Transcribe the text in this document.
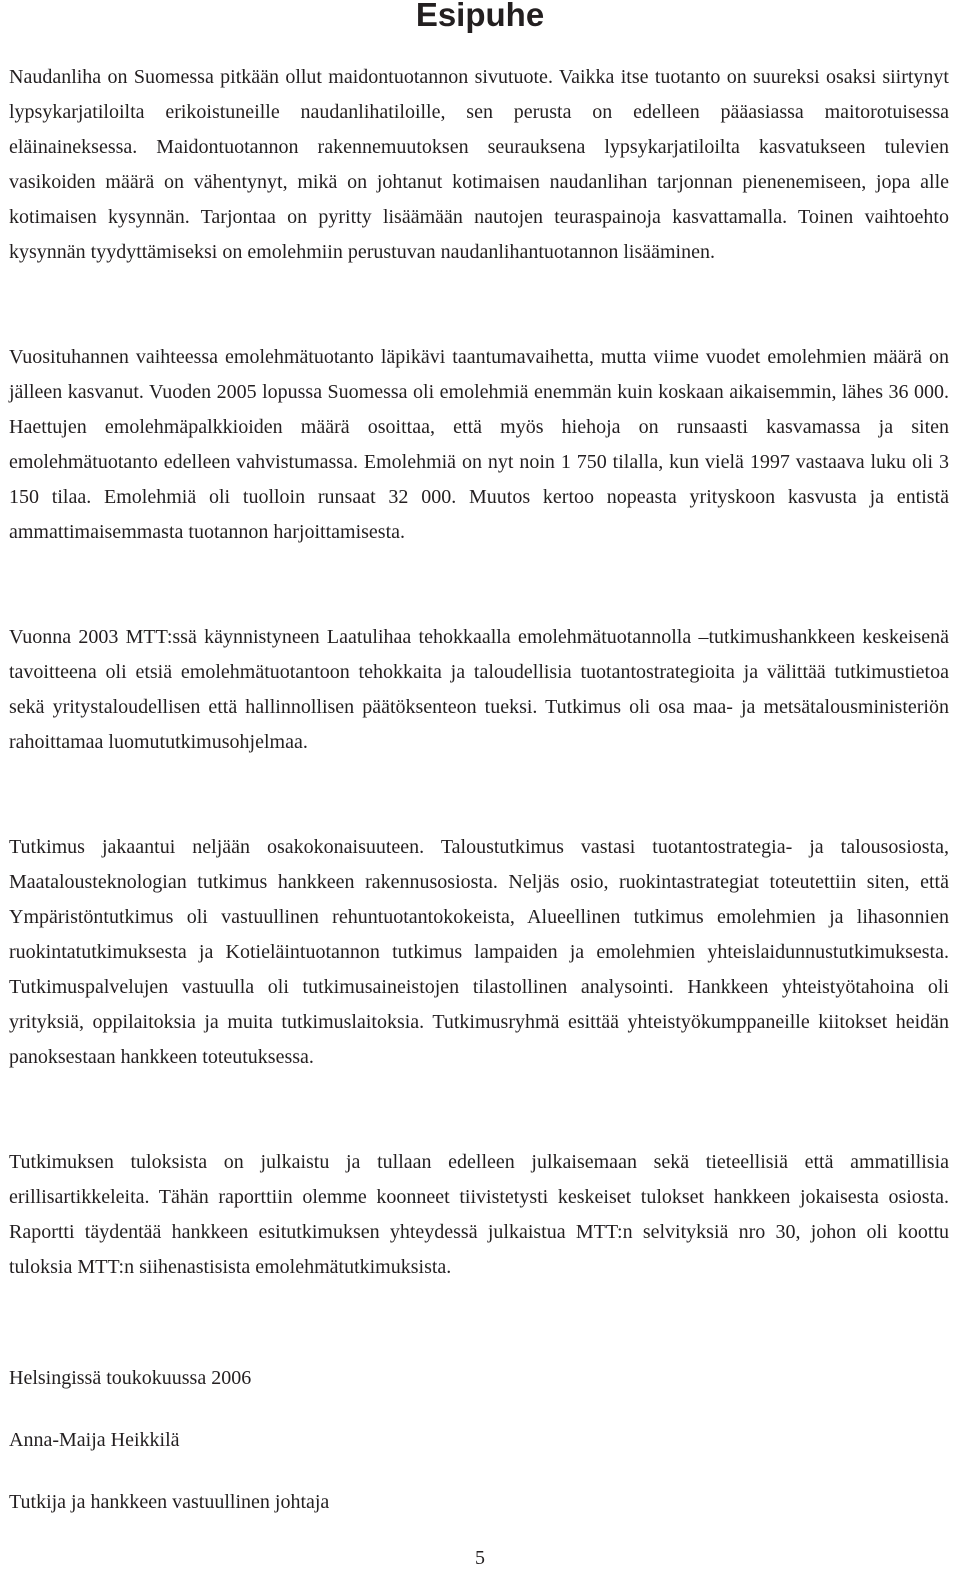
Esipuhe

Naudanliha on Suomessa pitkään ollut maidontuotannon sivutuote. Vaikka itse tuotanto on suureksi osaksi siirtynyt lypsykarjatiloilta erikoistuneille naudanlihatiloille, sen perusta on edelleen pääasiassa maitorotuisessa eläinaineksessa. Maidontuotannon rakennemuutoksen seurauksena lypsykarjatiloilta kasvatukseen tulevien vasikoiden määrä on vähentynyt, mikä on johtanut kotimaisen naudanlihan tarjonnan pienenemiseen, jopa alle kotimaisen kysynnän. Tarjontaa on pyritty lisäämään nautojen teuraspainoja kasvattamalla. Toinen vaihtoehto kysynnän tyydyttämiseksi on emolehmiin perustuvan naudanlihantuotannon lisääminen.

Vuosituhannen vaihteessa emolehmätuotanto läpikävi taantumavaihetta, mutta viime vuodet emolehmien määrä on jälleen kasvanut. Vuoden 2005 lopussa Suomessa oli emolehmiä enemmän kuin koskaan aikaisemmin, lähes 36 000. Haettujen emolehmäpalkkioiden määrä osoittaa, että myös hiehoja on runsaasti kasvamassa ja siten emolehmätuotanto edelleen vahvistumassa. Emolehmiä on nyt noin 1 750 tilalla, kun vielä 1997 vastaava luku oli 3 150 tilaa. Emolehmiä oli tuolloin runsaat 32 000. Muutos kertoo nopeasta yrityskoon kasvusta ja entistä ammattimaisemmasta tuotannon harjoittamisesta.

Vuonna 2003 MTT:ssä käynnistyneen Laatulihaa tehokkaalla emolehmätuotannolla –tutkimushankkeen keskeisenä tavoitteena oli etsiä emolehmätuotantoon tehokkaita ja taloudellisia tuotantostrategioita ja välittää tutkimustietoa sekä yritystaloudellisen että hallinnollisen päätöksenteon tueksi. Tutkimus oli osa maa- ja metsätalousministeriön rahoittamaa luomututkimusohjelmaa.

Tutkimus jakaantui neljään osakokonaisuuteen. Taloustutkimus vastasi tuotantostrategia- ja talousosiosta, Maatalousteknologian tutkimus hankkeen rakennusosiosta. Neljäs osio, ruokintastrategiat toteutettiin siten, että Ympäristöntutkimus oli vastuullinen rehuntuotantokokeista, Alueellinen tutkimus emolehmien ja lihasonnien ruokintatutkimuksesta ja Kotieläintuotannon tutkimus lampaiden ja emolehmien yhteislaidunnustutkimuksesta. Tutkimuspalvelujen vastuulla oli tutkimusaineistojen tilastollinen analysointi. Hankkeen yhteistyötahoina oli yrityksiä, oppilaitoksia ja muita tutkimuslaitoksia. Tutkimusryhmä esittää yhteistyökumppaneille kiitokset heidän panoksestaan hankkeen toteutuksessa.

Tutkimuksen tuloksista on julkaistu ja tullaan edelleen julkaisemaan sekä tieteellisiä että ammatillisia erillisartikkeleita. Tähän raporttiin olemme koonneet tiivistetysti keskeiset tulokset hankkeen jokaisesta osiosta. Raportti täydentää hankkeen esitutkimuksen yhteydessä julkaistua MTT:n selvityksiä nro 30, johon oli koottu tuloksia MTT:n siihenastisista emolehmätutkimuksista.

Helsingissä toukokuussa 2006

Anna-Maija Heikkilä

Tutkija ja hankkeen vastuullinen johtaja

5
